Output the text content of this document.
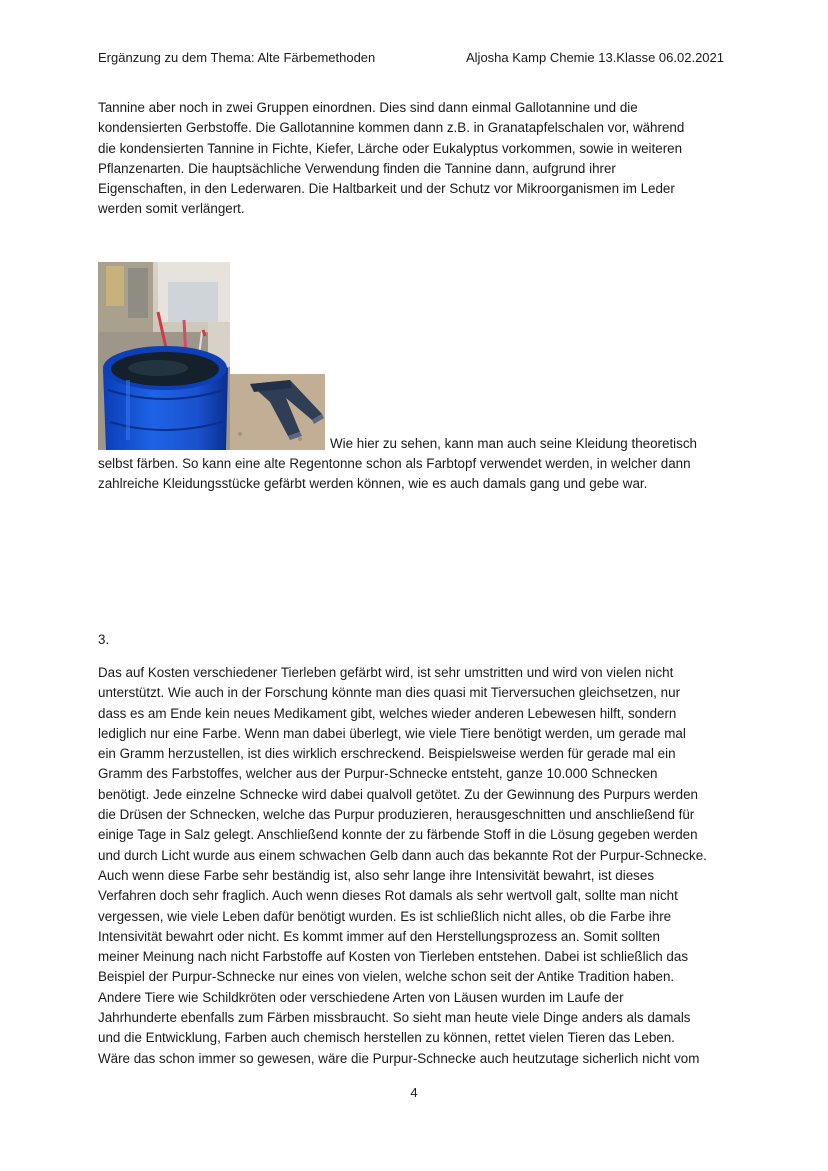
Ergänzung zu dem Thema: Alte Färbemethoden	Aljosha Kamp Chemie 13.Klasse 06.02.2021

Tannine aber noch in zwei Gruppen einordnen. Dies sind dann einmal Gallotannine und die
kondensierten Gerbstoffe. Die Gallotannine kommen dann z.B. in Granatapfelschalen vor, während
die kondensierten Tannine in Fichte, Kiefer, Lärche oder Eukalyptus vorkommen, sowie in weiteren
Pflanzenarten. Die hauptsächliche Verwendung finden die Tannine dann, aufgrund ihrer
Eigenschaften, in den Lederwaren. Die Haltbarkeit und der Schutz vor Mikroorganismen im Leder
werden somit verlängert.

Wie hier zu sehen, kann man auch seine Kleidung theoretisch

selbst färben. So kann eine alte Regentonne schon als Farbtopf verwendet werden, in welcher dann
zahlreiche Kleidungsstücke gefärbt werden können, wie es auch damals gang und gebe war.

3.

Das auf Kosten verschiedener Tierleben gefärbt wird, ist sehr umstritten und wird von vielen nicht
unterstützt. Wie auch in der Forschung könnte man dies quasi mit Tierversuchen gleichsetzen, nur
dass es am Ende kein neues Medikament gibt, welches wieder anderen Lebewesen hilft, sondern
lediglich nur eine Farbe. Wenn man dabei überlegt, wie viele Tiere benötigt werden, um gerade mal
ein Gramm herzustellen, ist dies wirklich erschreckend. Beispielsweise werden für gerade mal ein
Gramm des Farbstoffes, welcher aus der Purpur-Schnecke entsteht, ganze 10.000 Schnecken
benötigt. Jede einzelne Schnecke wird dabei qualvoll getötet. Zu der Gewinnung des Purpurs werden
die Drüsen der Schnecken, welche das Purpur produzieren, herausgeschnitten und anschließend für
einige Tage in Salz gelegt. Anschließend konnte der zu färbende Stoff in die Lösung gegeben werden
und durch Licht wurde aus einem schwachen Gelb dann auch das bekannte Rot der Purpur-Schnecke.
Auch wenn diese Farbe sehr beständig ist, also sehr lange ihre Intensivität bewahrt, ist dieses
Verfahren doch sehr fraglich. Auch wenn dieses Rot damals als sehr wertvoll galt, sollte man nicht
vergessen, wie viele Leben dafür benötigt wurden. Es ist schließlich nicht alles, ob die Farbe ihre
Intensivität bewahrt oder nicht. Es kommt immer auf den Herstellungsprozess an. Somit sollten
meiner Meinung nach nicht Farbstoffe auf Kosten von Tierleben entstehen. Dabei ist schließlich das
Beispiel der Purpur-Schnecke nur eines von vielen, welche schon seit der Antike Tradition haben.
Andere Tiere wie Schildkröten oder verschiedene Arten von Läusen wurden im Laufe der
Jahrhunderte ebenfalls zum Färben missbraucht. So sieht man heute viele Dinge anders als damals
und die Entwicklung, Farben auch chemisch herstellen zu können, rettet vielen Tieren das Leben.
Wäre das schon immer so gewesen, wäre die Purpur-Schnecke auch heutzutage sicherlich nicht vom

4
